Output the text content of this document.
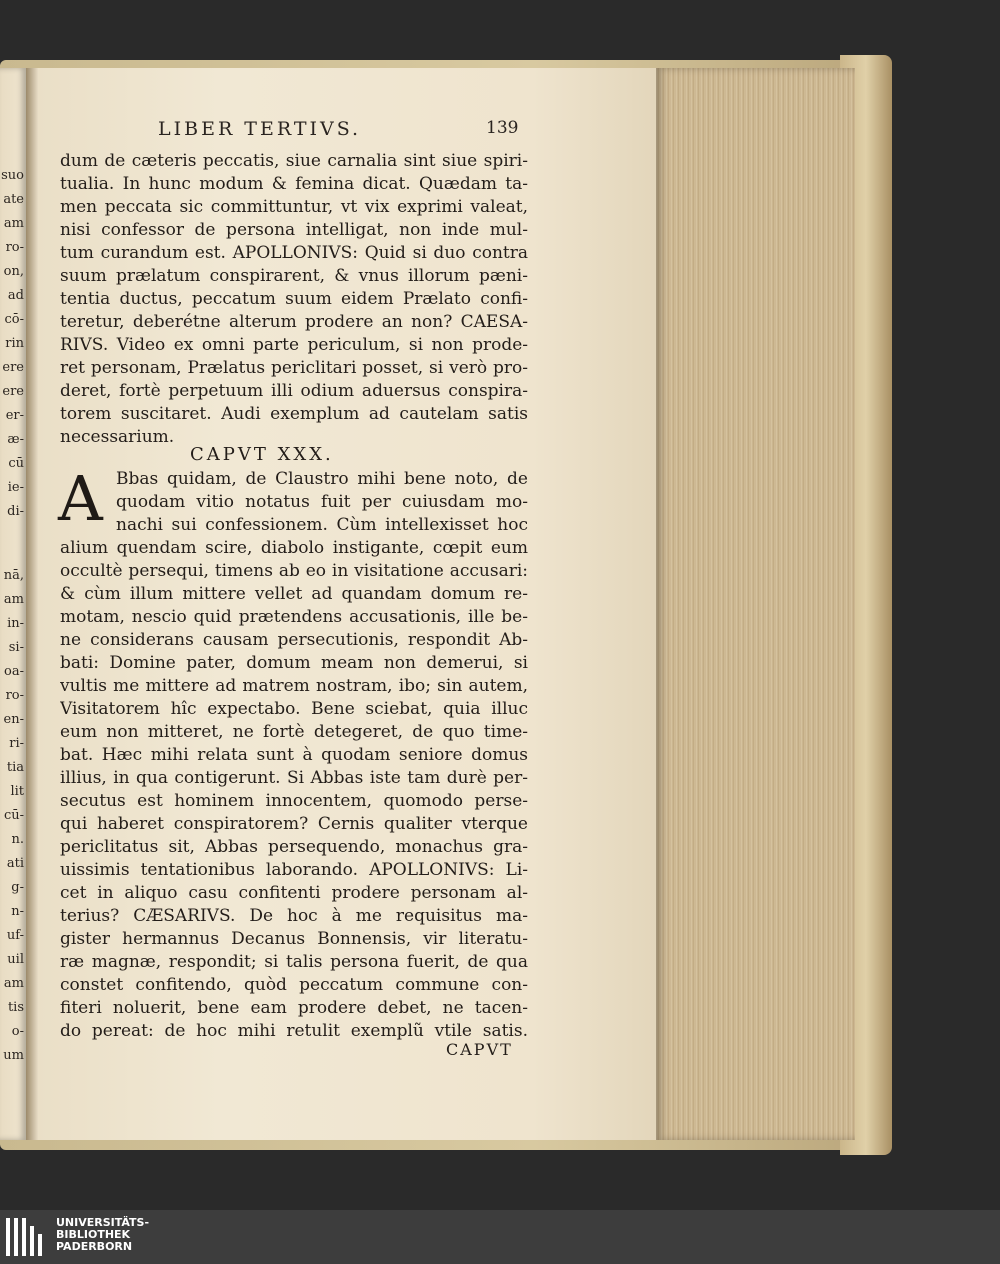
suo
ate
am
ro-
on,
ad
cō-
rin
ere
ere
er-
æ-
cū
ie-
di-
nā,
am
in-
si-
oa-
ro-
en-
ri-
tia
lit
cū-
n.
ati
g-
n-
uf-
uil
am
tis
o-
um
LIBER TERTIVS.	139
dum de cæteris peccatis, siue carnalia sint siue spiri-
tualia. In hunc modum & femina dicat. Quædam ta-
men peccata sic committuntur, vt vix exprimi valeat,
nisi confessor de persona intelligat, non inde mul-
tum curandum est. APOLLONIVS: Quid si duo contra
suum prælatum conspirarent, & vnus illorum pæni-
tentia ductus, peccatum suum eidem Prælato confi-
teretur, deberétne alterum prodere an non? CAESA-
RIVS. Video ex omni parte periculum, si non prode-
ret personam, Prælatus periclitari posset, si verò pro-
deret, fortè perpetuum illi odium aduersus conspira-
torem suscitaret. Audi exemplum ad cautelam satis
necessarium.
CAPVT XXX.
A Bbas quidam, de Claustro mihi bene noto, de
quodam vitio notatus fuit per cuiusdam mo-
nachi sui confessionem. Cùm intellexisset hoc
alium quendam scire, diabolo instigante, cœpit eum
occultè persequi, timens ab eo in visitatione accusari:
& cùm illum mittere vellet ad quandam domum re-
motam, nescio quid prætendens accusationis, ille be-
ne considerans causam persecutionis, respondit Ab-
bati: Domine pater, domum meam non demerui, si
vultis me mittere ad matrem nostram, ibo; sin autem,
Visitatorem hîc expectabo. Bene sciebat, quia illuc
eum non mitteret, ne fortè detegeret, de quo time-
bat. Hæc mihi relata sunt à quodam seniore domus
illius, in qua contigerunt. Si Abbas iste tam durè per-
secutus est hominem innocentem, quomodo perse-
qui haberet conspiratorem? Cernis qualiter vterque
periclitatus sit, Abbas persequendo, monachus gra-
uissimis tentationibus laborando. APOLLONIVS: Li-
cet in aliquo casu confitenti prodere personam al-
terius? CÆSARIVS. De hoc à me requisitus ma-
gister hermannus Decanus Bonnensis, vir literatu-
ræ magnæ, respondit; si talis persona fuerit, de qua
constet confitendo, quòd peccatum commune con-
fiteri noluerit, bene eam prodere debet, ne tacen-
do pereat: de hoc mihi retulit exemplũ vtile satis.
CAPVT
UNIVERSITÄTS-
BIBLIOTHEK
PADERBORN
